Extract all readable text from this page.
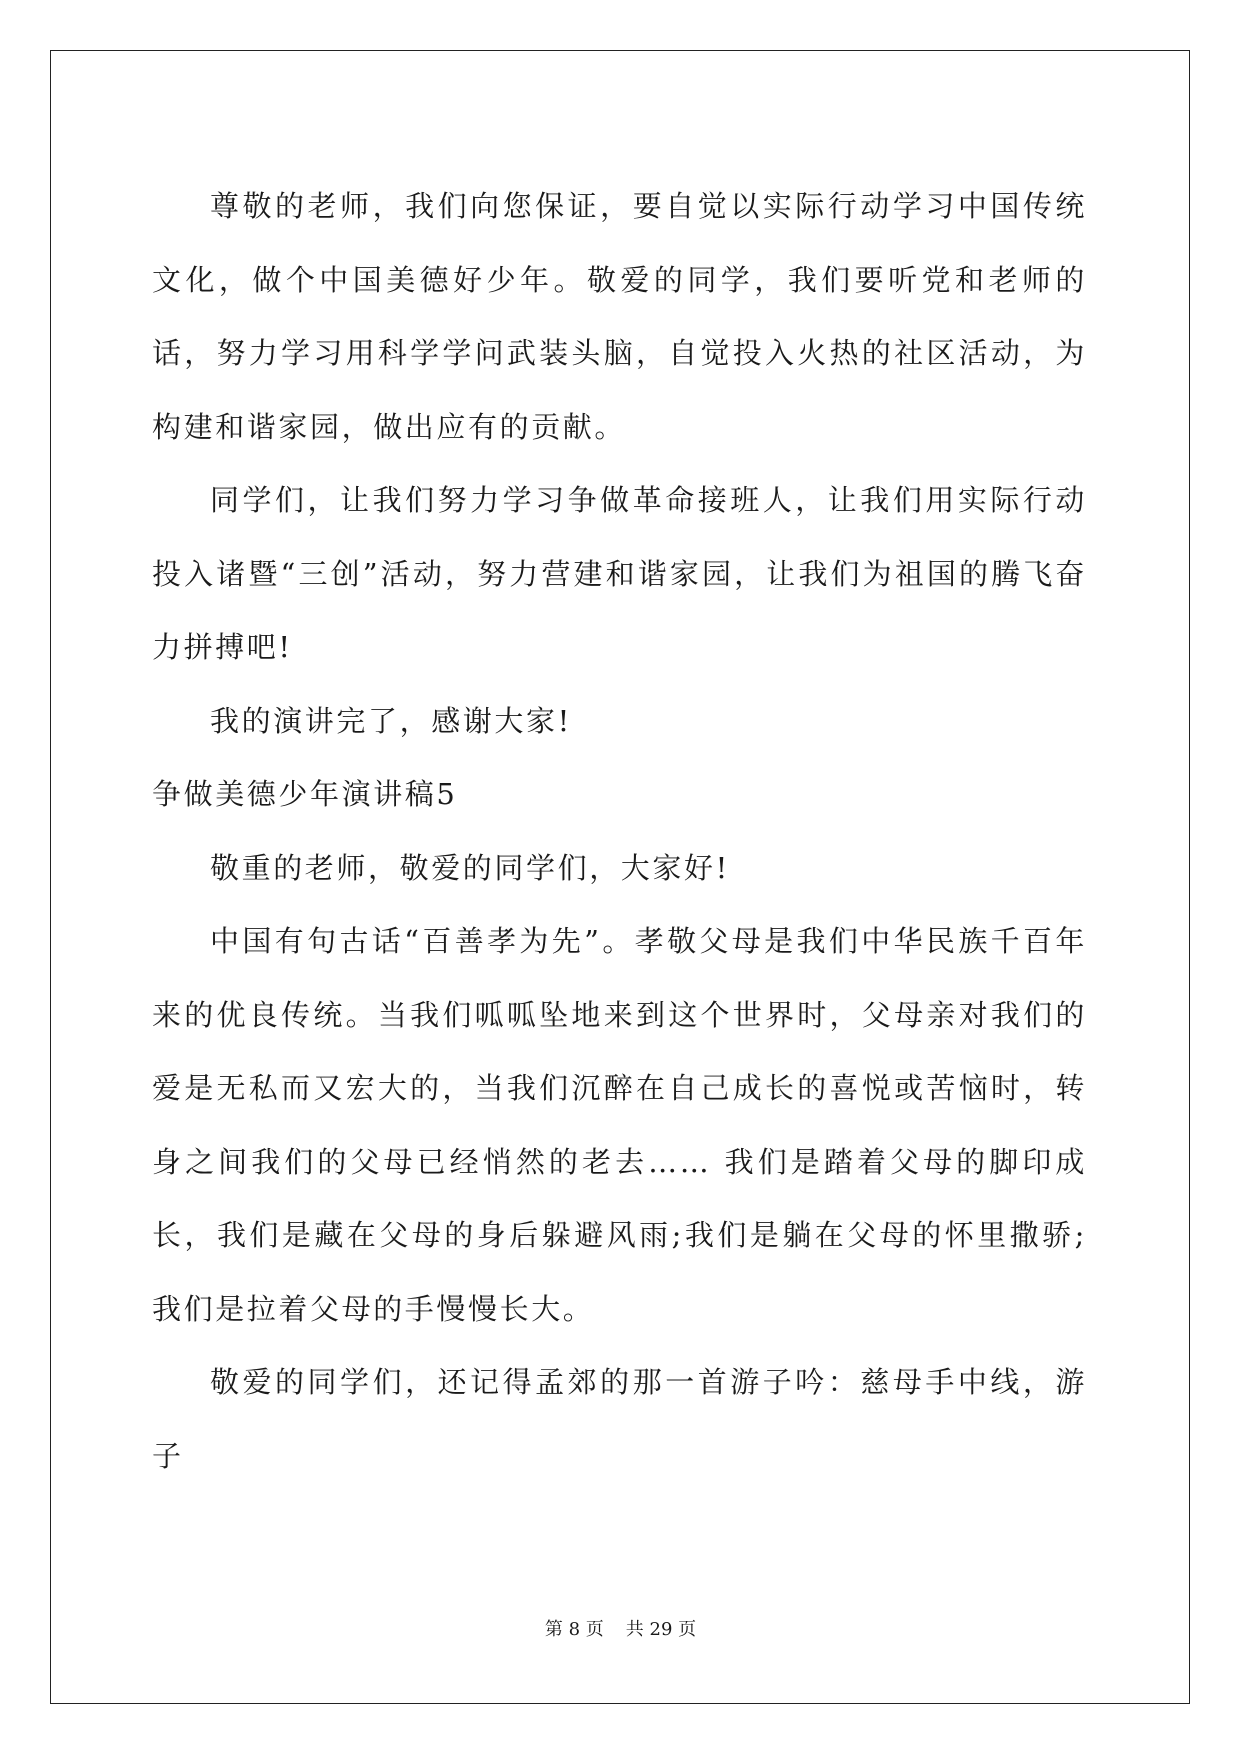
尊敬的老师，我们向您保证，要自觉以实际行动学习中国传统文化，做个中国美德好少年。敬爱的同学，我们要听党和老师的话，努力学习用科学学问武装头脑，自觉投入火热的社区活动，为构建和谐家园，做出应有的贡献。

同学们，让我们努力学习争做革命接班人，让我们用实际行动投入诸暨“三创”活动，努力营建和谐家园，让我们为祖国的腾飞奋力拼搏吧!

我的演讲完了，感谢大家!

争做美德少年演讲稿5

敬重的老师，敬爱的同学们，大家好!

中国有句古话“百善孝为先”。孝敬父母是我们中华民族千百年来的优良传统。当我们呱呱坠地来到这个世界时，父母亲对我们的爱是无私而又宏大的，当我们沉醉在自己成长的喜悦或苦恼时，转身之间我们的父母已经悄然的老去…… 我们是踏着父母的脚印成长，我们是藏在父母的身后躲避风雨;我们是躺在父母的怀里撒骄;我们是拉着父母的手慢慢长大。

敬爱的同学们，还记得孟郊的那一首游子吟：慈母手中线，游子

第 8 页 共 29 页
